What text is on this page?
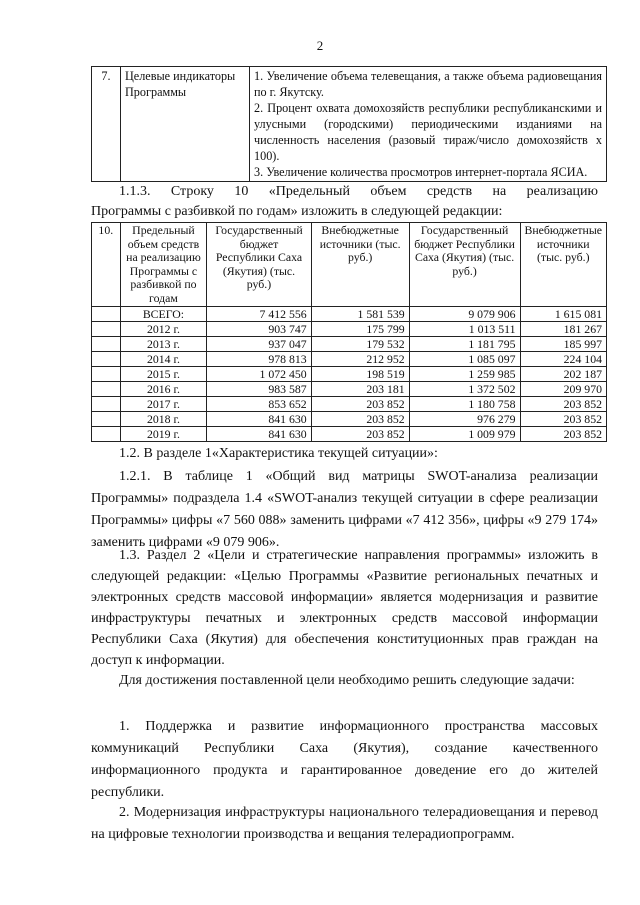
2
7.	Целевые индикаторы Программы	
1. Увеличение объема телевещания, а также объема радиовещания по г. Якутску.
2. Процент охвата домохозяйств республики республиканскими и улусными (городскими) периодическими изданиями на численность населения (разовый тираж/число домохозяйств х 100).
3. Увеличение количества просмотров интернет-портала ЯСИА.
1.1.3. Строку 10 «Предельный объем средств на реализацию
Программы с разбивкой по годам» изложить в следующей редакции:
10.	Предельный объем средств на реализацию Программы с разбивкой по годам	Государственный бюджет Республики Саха (Якутия) (тыс. руб.)	Внебюджетные источники (тыс. руб.)	Государственный бюджет Республики Саха (Якутия) (тыс. руб.)	Внебюджетные источники (тыс. руб.)
	ВСЕГО:	7 412 556	1 581 539	9 079 906	1 615 081
	2012 г.	903 747	175 799	1 013 511	181 267
	2013 г.	937 047	179 532	1 181 795	185 997
	2014 г.	978 813	212 952	1 085 097	224 104
	2015 г.	1 072 450	198 519	1 259 985	202 187
	2016 г.	983 587	203 181	1 372 502	209 970
	2017 г.	853 652	203 852	1 180 758	203 852
	2018 г.	841 630	203 852	976 279	203 852
	2019 г.	841 630	203 852	1 009 979	203 852
1.2. В разделе 1«Характеристика текущей ситуации»:
1.2.1. В таблице 1 «Общий вид матрицы SWOT-анализа реализации Программы» подраздела 1.4 «SWOT-анализ текущей ситуации в сфере реализации Программы» цифры «7 560 088» заменить цифрами «7 412 356», цифры «9 279 174» заменить цифрами «9 079 906».
1.3. Раздел 2 «Цели и стратегические направления программы» изложить в следующей редакции: «Целью Программы «Развитие региональных печатных и электронных средств массовой информации» является модернизация и развитие инфраструктуры печатных и электронных средств массовой информации Республики Саха (Якутия) для обеспечения конституционных прав граждан на доступ к информации.
Для достижения поставленной цели необходимо решить следующие задачи:
1. Поддержка и развитие информационного пространства массовых коммуникаций Республики Саха (Якутия), создание качественного информационного продукта и гарантированное доведение его до жителей республики.
2. Модернизация инфраструктуры национального телерадиовещания и перевод на цифровые технологии производства и вещания телерадиопрограмм.
